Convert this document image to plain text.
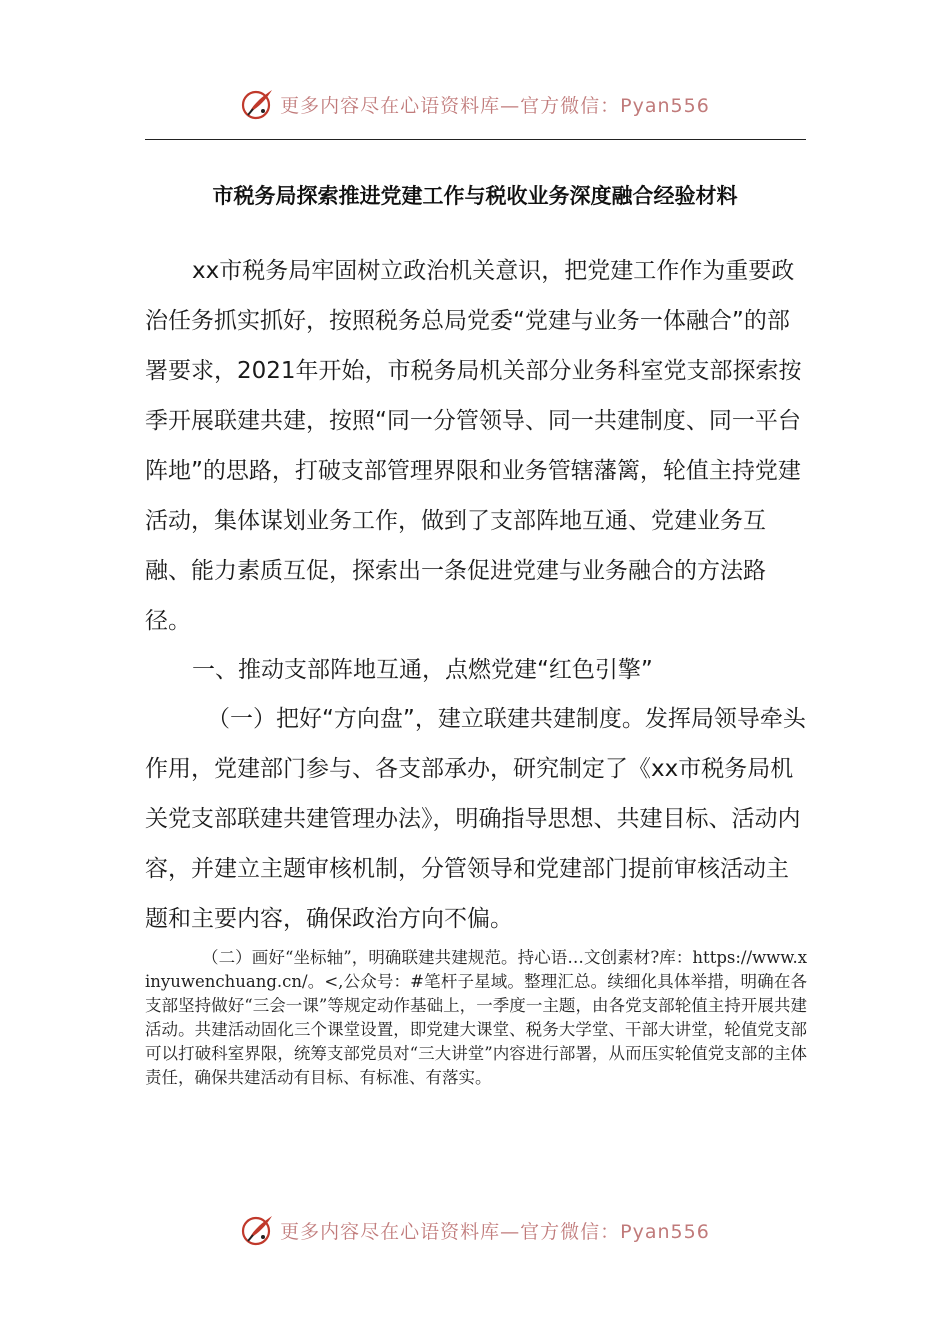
更多内容尽在心语资料库—官方微信：Pyan556
市税务局探索推进党建工作与税收业务深度融合经验材料
xx市税务局牢固树立政治机关意识，把党建工作作为重要政治任务抓实抓好，按照税务总局党委“党建与业务一体融合”的部署要求，2021年开始，市税务局机关部分业务科室党支部探索按季开展联建共建，按照“同一分管领导、同一共建制度、同一平台阵地”的思路，打破支部管理界限和业务管辖藩篱，轮值主持党建活动，集体谋划业务工作，做到了支部阵地互通、党建业务互融、能力素质互促，探索出一条促进党建与业务融合的方法路径。
一、推动支部阵地互通，点燃党建“红色引擎”
（一）把好“方向盘”，建立联建共建制度。发挥局领导牵头作用，党建部门参与、各支部承办，研究制定了《xx市税务局机关党支部联建共建管理办法》，明确指导思想、共建目标、活动内容，并建立主题审核机制，分管领导和党建部门提前审核活动主题和主要内容，确保政治方向不偏。
（二）画好“坐标轴”，明确联建共建规范。持心语…文创素材?库：https://www.xinyuwenchuang.cn/。<,公众号：#笔杆子星域。整理汇总。续细化具体举措，明确在各支部坚持做好“三会一课”等规定动作基础上，一季度一主题，由各党支部轮值主持开展共建活动。共建活动固化三个课堂设置，即党建大课堂、税务大学堂、干部大讲堂，轮值党支部可以打破科室界限，统筹支部党员对“三大讲堂”内容进行部署，从而压实轮值党支部的主体责任，确保共建活动有目标、有标准、有落实。
更多内容尽在心语资料库—官方微信：Pyan556
